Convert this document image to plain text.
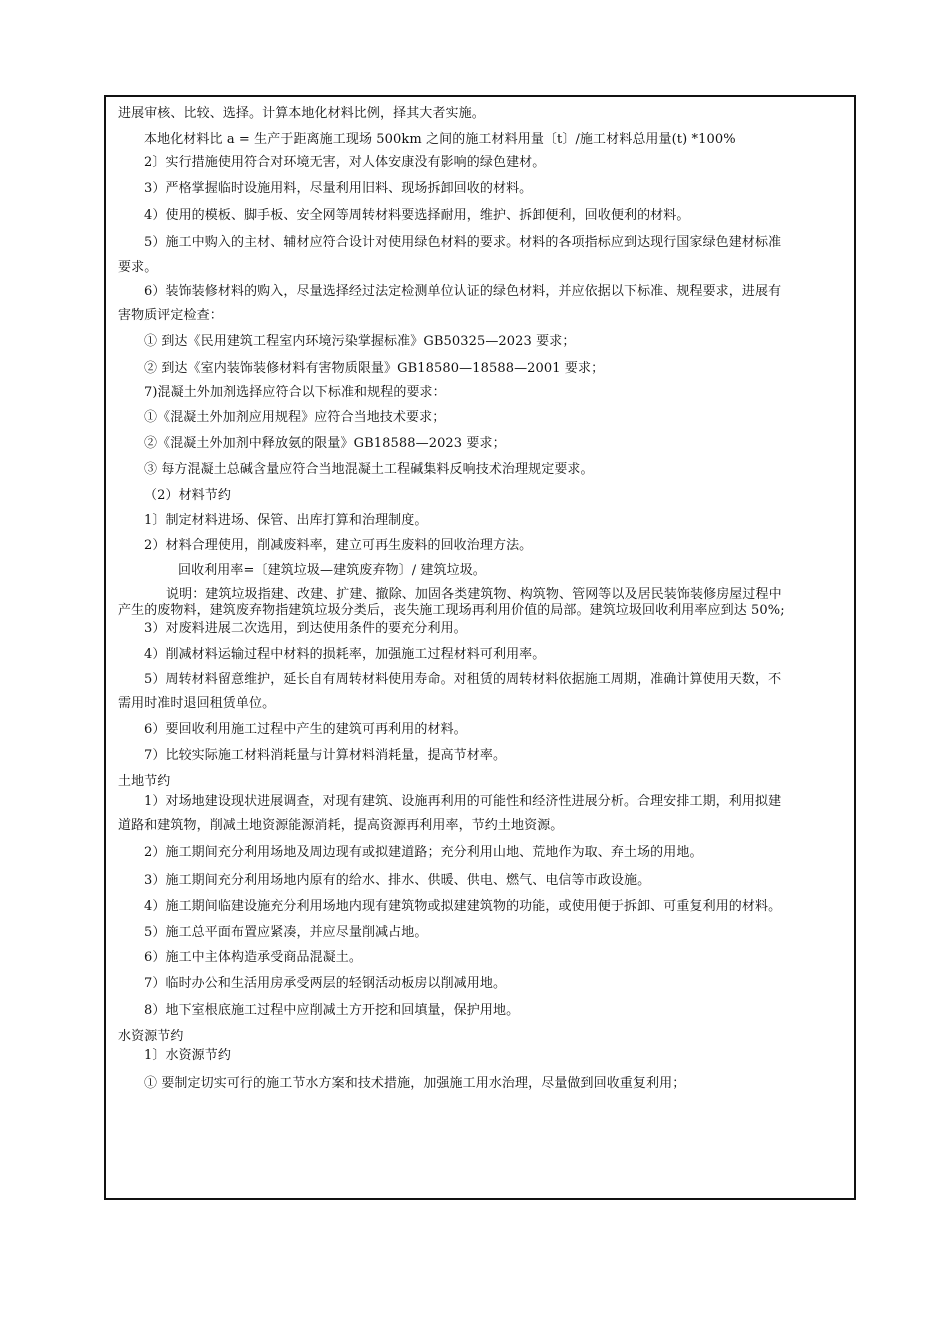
进展审核、比较、选择。计算本地化材料比例，择其大者实施。
本地化材料比 a = 生产于距离施工现场 500km 之间的施工材料用量〔t〕/施工材料总用量(t) *100%
2〕实行措施使用符合对环境无害，对人体安康没有影响的绿色建材。
3）严格掌握临时设施用料，尽量利用旧料、现场拆卸回收的材料。
4）使用的模板、脚手板、安全网等周转材料要选择耐用，维护、拆卸便利，回收便利的材料。
5）施工中购入的主材、辅材应符合设计对使用绿色材料的要求。材料的各项指标应到达现行国家绿色建材标准
要求。
6）装饰装修材料的购入，尽量选择经过法定检测单位认证的绿色材料，并应依据以下标准、规程要求，进展有
害物质评定检查：
① 到达《民用建筑工程室内环境污染掌握标准》GB50325—2023 要求；
② 到达《室内装饰装修材料有害物质限量》GB18580—18588—2001 要求；
7)混凝土外加剂选择应符合以下标准和规程的要求：
①《混凝土外加剂应用规程》应符合当地技术要求；
②《混凝土外加剂中释放氨的限量》GB18588—2023 要求；
③ 每方混凝土总碱含量应符合当地混凝土工程碱集料反响技术治理规定要求。
（2）材料节约
1〕制定材料进场、保管、出库打算和治理制度。
2）材料合理使用，削减废料率，建立可再生废料的回收治理方法。
回收利用率=〔建筑垃圾—建筑废弃物〕/ 建筑垃圾。
说明：建筑垃圾指建、改建、扩建、撤除、加固各类建筑物、构筑物、管网等以及居民装饰装修房屋过程中
产生的废物料，建筑废弃物指建筑垃圾分类后，丧失施工现场再利用价值的局部。建筑垃圾回收利用率应到达 50%;
3）对废料进展二次选用，到达使用条件的要充分利用。
4）削减材料运输过程中材料的损耗率，加强施工过程材料可利用率。
5）周转材料留意维护，延长自有周转材料使用寿命。对租赁的周转材料依据施工周期，准确计算使用天数，不
需用时准时退回租赁单位。
6）要回收利用施工过程中产生的建筑可再利用的材料。
7）比较实际施工材料消耗量与计算材料消耗量，提高节材率。
土地节约
1）对场地建设现状进展调查，对现有建筑、设施再利用的可能性和经济性进展分析。合理安排工期，利用拟建
道路和建筑物，削减土地资源能源消耗，提高资源再利用率，节约土地资源。
2）施工期间充分利用场地及周边现有或拟建道路；充分利用山地、荒地作为取、弃土场的用地。
3）施工期间充分利用场地内原有的给水、排水、供暖、供电、燃气、电信等市政设施。
4）施工期间临建设施充分利用场地内现有建筑物或拟建建筑物的功能，或使用便于拆卸、可重复利用的材料。
5）施工总平面布置应紧凑，并应尽量削减占地。
6）施工中主体构造承受商品混凝土。
7）临时办公和生活用房承受两层的轻钢活动板房以削减用地。
8）地下室根底施工过程中应削减土方开挖和回填量，保护用地。
水资源节约
1〕水资源节约
① 要制定切实可行的施工节水方案和技术措施，加强施工用水治理，尽量做到回收重复利用；
